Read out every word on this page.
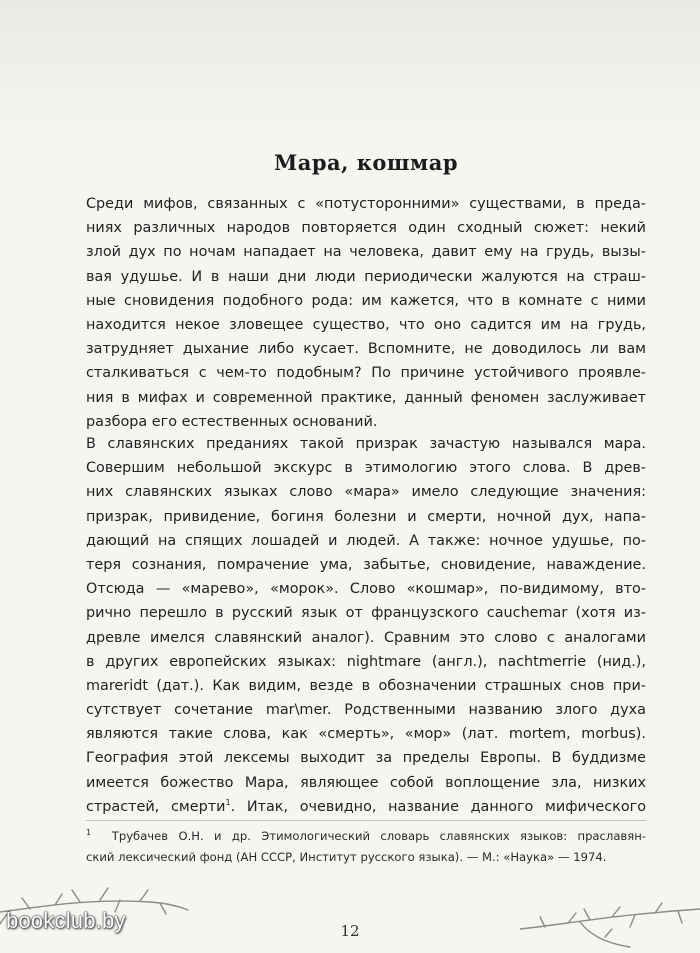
Мара, кошмар
Среди мифов, связанных с «потусторонними» существами, в преда-
ниях различных народов повторяется один сходный сюжет: некий
злой дух по ночам нападает на человека, давит ему на грудь, вызы-
вая удушье. И в наши дни люди периодически жалуются на страш-
ные сновидения подобного рода: им кажется, что в комнате с ними
находится некое зловещее существо, что оно садится им на грудь,
затрудняет дыхание либо кусает. Вспомните, не доводилось ли вам
сталкиваться с чем-то подобным? По причине устойчивого проявле-
ния в мифах и современной практике, данный феномен заслуживает
разбора его естественных оснований.
В славянских преданиях такой призрак зачастую назывался мара.
Совершим небольшой экскурс в этимологию этого слова. В древ-
них славянских языках слово «мара» имело следующие значения:
призрак, привидение, богиня болезни и смерти, ночной дух, напа-
дающий на спящих лошадей и людей. А также: ночное удушье, по-
теря сознания, помрачение ума, забытье, сновидение, наваждение.
Отсюда — «марево», «морок». Слово «кошмар», по-видимому, вто-
рично перешло в русский язык от французского cauchemar (хотя из-
древле имелся славянский аналог). Сравним это слово с аналогами
в других европейских языках: nightmare (англ.), nachtmerrie (нид.),
mareridt (дат.). Как видим, везде в обозначении страшных снов при-
сутствует сочетание mar\mer. Родственными названию злого духа
являются такие слова, как «смерть», «мор» (лат. mortem, morbus).
География этой лексемы выходит за пределы Европы. В буддизме
имеется божество Мара, являющее собой воплощение зла, низких
страстей, смерти$^1$. Итак, очевидно, название данного мифического
$^1$ Трубачев О.Н. и др. Этимологический словарь славянских языков: праславян-
ский лексический фонд (АН СССР, Институт русского языка). — М.: «Наука» — 1974.
12
bookclub.by
